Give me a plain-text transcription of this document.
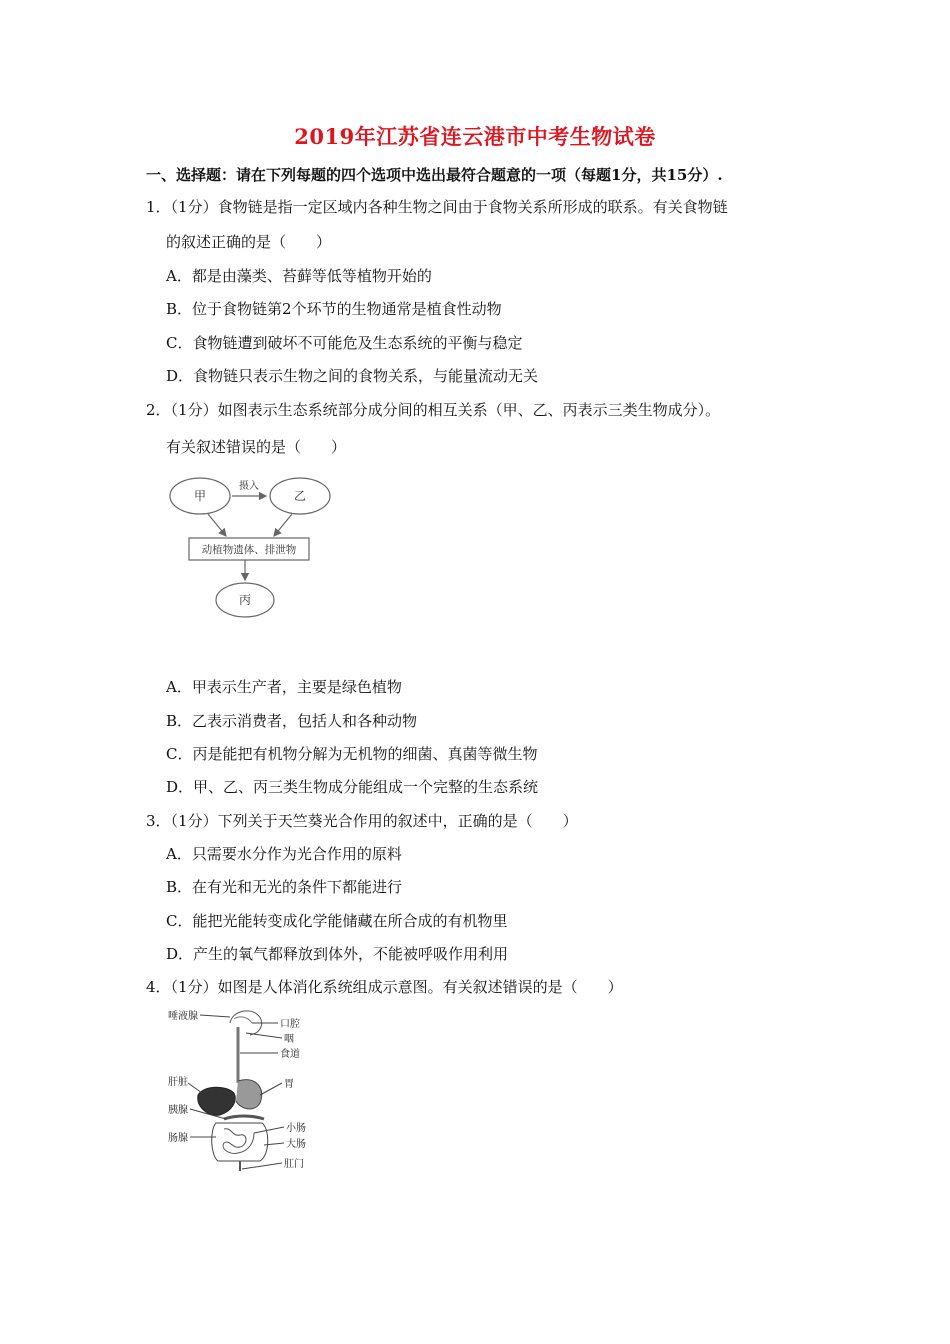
2019年江苏省连云港市中考生物试卷
一、选择题：请在下列每题的四个选项中选出最符合题意的一项（每题1分，共15分）.
1．（1分）食物链是指一定区域内各种生物之间由于食物关系所形成的联系。有关食物链
的叙述正确的是（　　）
A．都是由藻类、苔藓等低等植物开始的
B．位于食物链第2个环节的生物通常是植食性动物
C．食物链遭到破坏不可能危及生态系统的平衡与稳定
D．食物链只表示生物之间的食物关系，与能量流动无关
2．（1分）如图表示生态系统部分成分间的相互关系（甲、乙、丙表示三类生物成分）。
有关叙述错误的是（　　）
甲	乙
摄入
动植物遗体、排泄物
丙
A．甲表示生产者，主要是绿色植物
B．乙表示消费者，包括人和各种动物
C．丙是能把有机物分解为无机物的细菌、真菌等微生物
D．甲、乙、丙三类生物成分能组成一个完整的生态系统
3．（1分）下列关于天竺葵光合作用的叙述中，正确的是（　　）
A．只需要水分作为光合作用的原料
B．在有光和无光的条件下都能进行
C．能把光能转变成化学能储藏在所合成的有机物里
D．产生的氧气都释放到体外，不能被呼吸作用利用
4．（1分）如图是人体消化系统组成示意图。有关叙述错误的是（　　）
唾液腺
口腔
咽
食道
肝脏	胃
胰腺
肠腺
小肠
大肠
肛门
